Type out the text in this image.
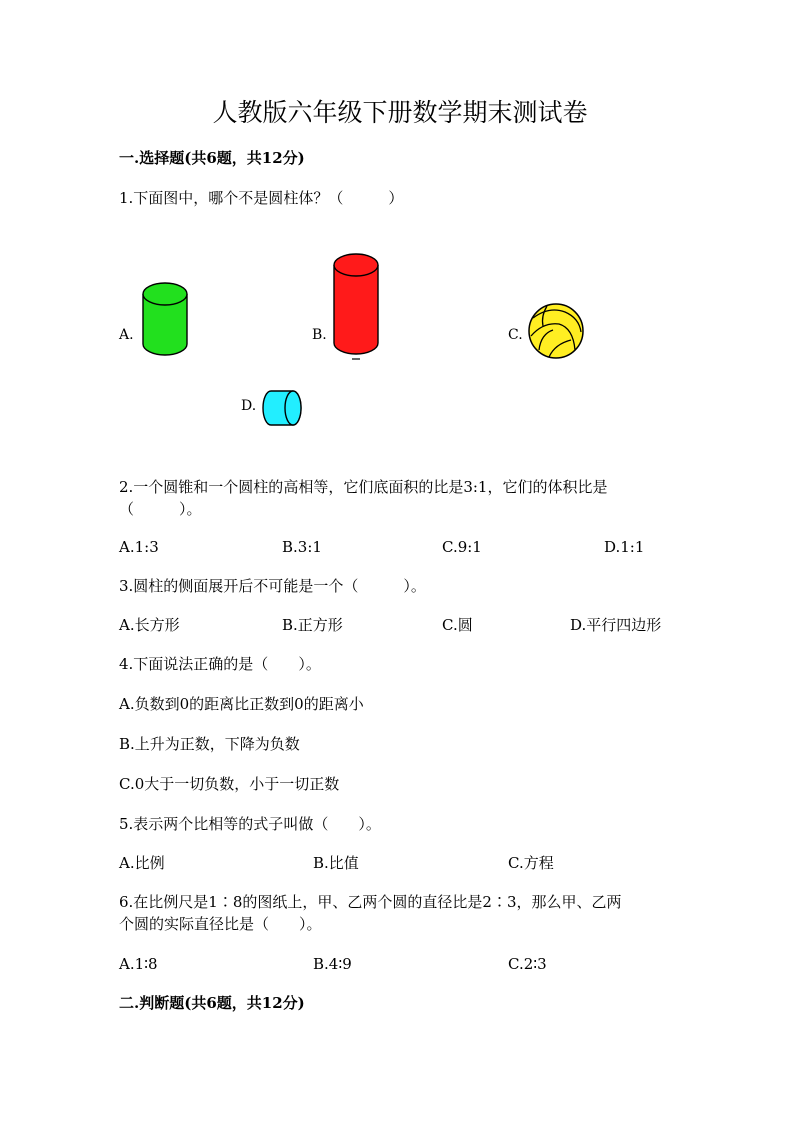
人教版六年级下册数学期末测试卷
一.选择题(共6题，共12分)
1.下面图中，哪个不是圆柱体？（　　　）
A.	B.	C.
D.
2.一个圆锥和一个圆柱的高相等，它们底面积的比是3:1，它们的体积比是
（　　　）。
A.1:3	B.3:1	C.9:1	D.1:1
3.圆柱的侧面展开后不可能是一个（　　　）。
A.长方形	B.正方形	C.圆	D.平行四边形
4.下面说法正确的是（　　）。
A.负数到0的距离比正数到0的距离小
B.上升为正数，下降为负数
C.0大于一切负数，小于一切正数
5.表示两个比相等的式子叫做（　　）。
A.比例	B.比值	C.方程
6.在比例尺是1∶8的图纸上，甲、乙两个圆的直径比是2∶3，那么甲、乙两
个圆的实际直径比是（　　）。
A.1∶8	B.4∶9	C.2∶3
二.判断题(共6题，共12分)
